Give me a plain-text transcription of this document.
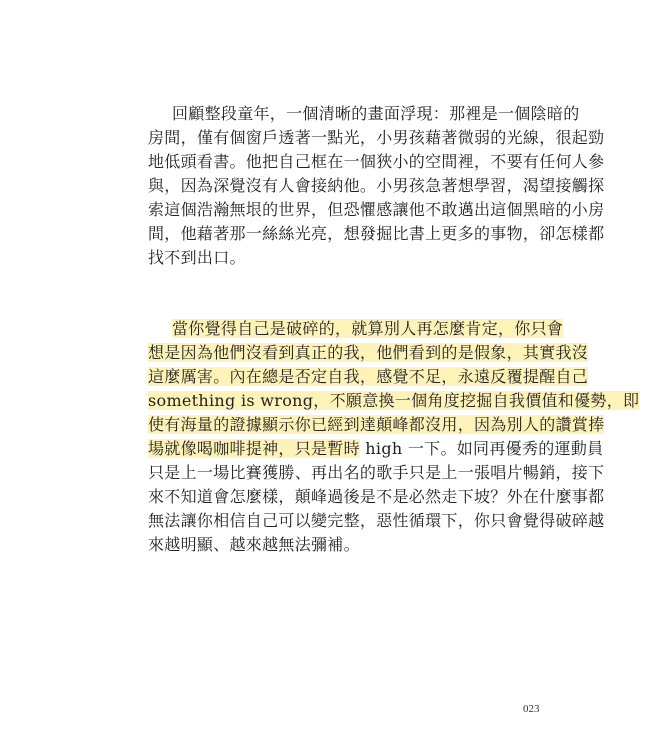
回顧整段童年，一個清晰的畫面浮現：那裡是一個陰暗的
房間，僅有個窗戶透著一點光，小男孩藉著微弱的光線，很起勁
地低頭看書。他把自己框在一個狹小的空間裡，不要有任何人參
與，因為深覺沒有人會接納他。小男孩急著想學習，渴望接觸探
索這個浩瀚無垠的世界，但恐懼感讓他不敢邁出這個黑暗的小房
間，他藉著那一絲絲光亮，想發掘比書上更多的事物，卻怎樣都
找不到出口。

當你覺得自己是破碎的，就算別人再怎麼肯定，你只會
想是因為他們沒看到真正的我，他們看到的是假象，其實我沒
這麼厲害。內在總是否定自我，感覺不足，永遠反覆提醒自己
something is wrong，不願意換一個角度挖掘自我價值和優勢，即
使有海量的證據顯示你已經到達顛峰都沒用，因為別人的讚賞捧
場就像喝咖啡提神，只是暫時 high 一下。如同再優秀的運動員
只是上一場比賽獲勝、再出名的歌手只是上一張唱片暢銷，接下
來不知道會怎麼樣，顛峰過後是不是必然走下坡？外在什麼事都
無法讓你相信自己可以變完整，惡性循環下，你只會覺得破碎越
來越明顯、越來越無法彌補。

023
